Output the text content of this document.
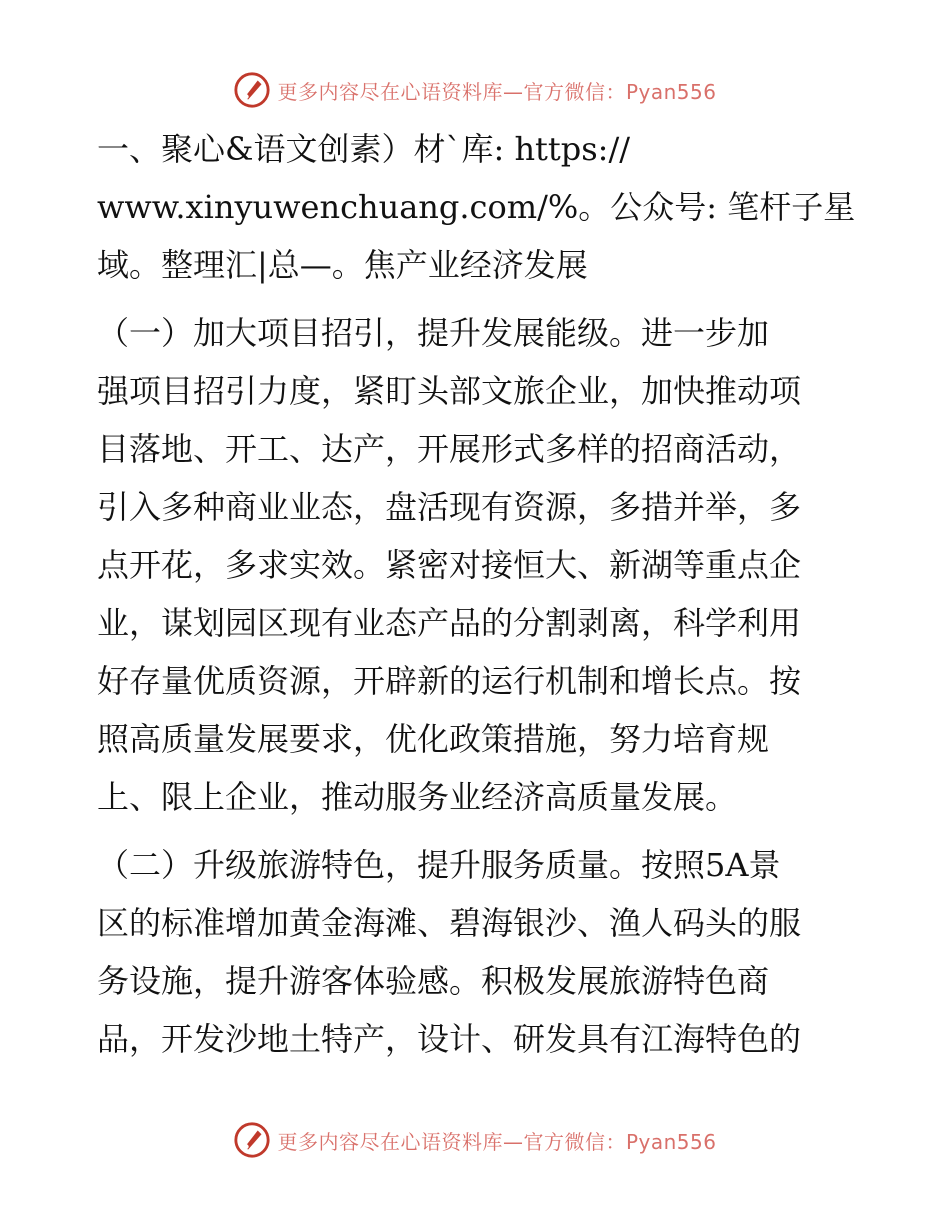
更多内容尽在心语资料库—官方微信：Pyan556

一、聚心&语文创素）材ˋ库: https://
www.xinyuwenchuang.com/%。公众号: 笔杆子星
域。整理汇|总—。焦产业经济发展

（一）加大项目招引，提升发展能级。进一步加
强项目招引力度，紧盯头部文旅企业，加快推动项
目落地、开工、达产，开展形式多样的招商活动，
引入多种商业业态，盘活现有资源，多措并举，多
点开花，多求实效。紧密对接恒大、新湖等重点企
业，谋划园区现有业态产品的分割剥离，科学利用
好存量优质资源，开辟新的运行机制和增长点。按
照高质量发展要求，优化政策措施，努力培育规
上、限上企业，推动服务业经济高质量发展。

（二）升级旅游特色，提升服务质量。按照5A景
区的标准增加黄金海滩、碧海银沙、渔人码头的服
务设施，提升游客体验感。积极发展旅游特色商
品，开发沙地土特产，设计、研发具有江海特色的

更多内容尽在心语资料库—官方微信：Pyan556
